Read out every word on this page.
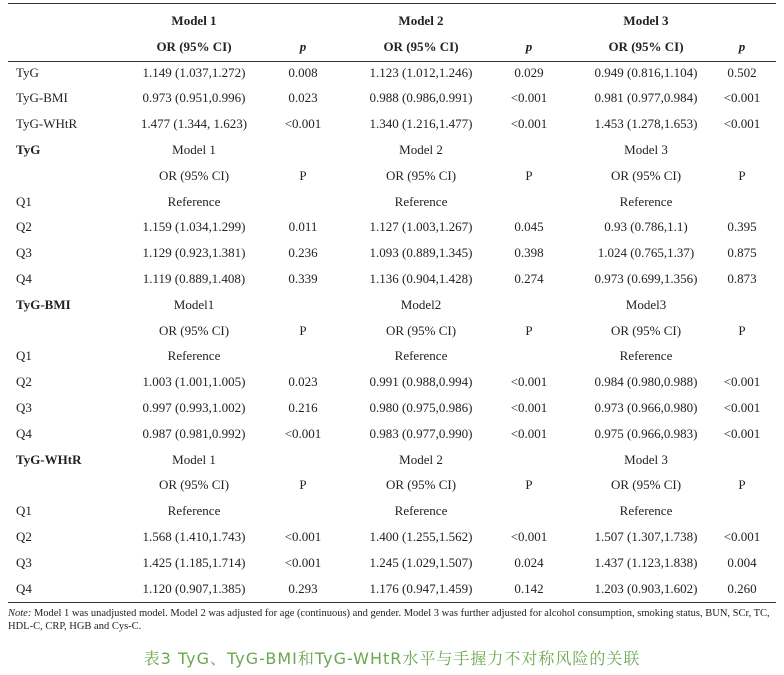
Model 1	Model 2	Model 3
OR (95% CI)	p	OR (95% CI)	p	OR (95% CI)	p
TyG	1.149 (1.037,1.272)	0.008	1.123 (1.012,1.246)	0.029	0.949 (0.816,1.104) 0.502
TyG-BMI	0.973 (0.951,0.996)	0.023	0.988 (0.986,0.991)	<0.001	0.981 (0.977,0.984) <0.001
TyG-WHtR	1.477 (1.344, 1.623)	<0.001	1.340 (1.216,1.477)	<0.001	1.453 (1.278,1.653) <0.001
TyG	Model 1	Model 2	Model 3
OR (95% CI)	P	OR (95% CI)	P	OR (95% CI)	P
Q1	Reference	Reference	Reference
Q2	1.159 (1.034,1.299)	0.011	1.127 (1.003,1.267)	0.045	0.93 (0.786,1.1)	0.395
Q3	1.129 (0.923,1.381)	0.236	1.093 (0.889,1.345)	0.398	1.024 (0.765,1.37)	0.875
Q4	1.119 (0.889,1.408)	0.339	1.136 (0.904,1.428)	0.274	0.973 (0.699,1.356) 0.873
TyG-BMI	Model1	Model2	Model3
OR (95% CI)	P	OR (95% CI)	P	OR (95% CI)	P
Q1	Reference	Reference	Reference
Q2	1.003 (1.001,1.005)	0.023	0.991 (0.988,0.994)	<0.001	0.984 (0.980,0.988) <0.001
Q3	0.997 (0.993,1.002)	0.216	0.980 (0.975,0.986)	<0.001	0.973 (0.966,0.980) <0.001
Q4	0.987 (0.981,0.992)	<0.001	0.983 (0.977,0.990)	<0.001	0.975 (0.966,0.983) <0.001
TyG-WHtR	Model 1	Model 2	Model 3
OR (95% CI)	P	OR (95% CI)	P	OR (95% CI)	P
Q1	Reference	Reference	Reference
Q2	1.568 (1.410,1.743)	<0.001	1.400 (1.255,1.562)	<0.001	1.507 (1.307,1.738) <0.001
Q3	1.425 (1.185,1.714)	<0.001	1.245 (1.029,1.507)	0.024	1.437 (1.123,1.838) 0.004
Q4	1.120 (0.907,1.385)	0.293	1.176 (0.947,1.459)	0.142	1.203 (0.903,1.602) 0.260
Note: Model 1 was unadjusted model. Model 2 was adjusted for age (continuous) and gender. Model 3 was further adjusted for alcohol consumption, smoking status, BUN, SCr, TC, HDL-C, CRP, HGB and Cys-C.
表3 TyG、TyG-BMI和TyG-WHtR水平与手握力不对称风险的关联
